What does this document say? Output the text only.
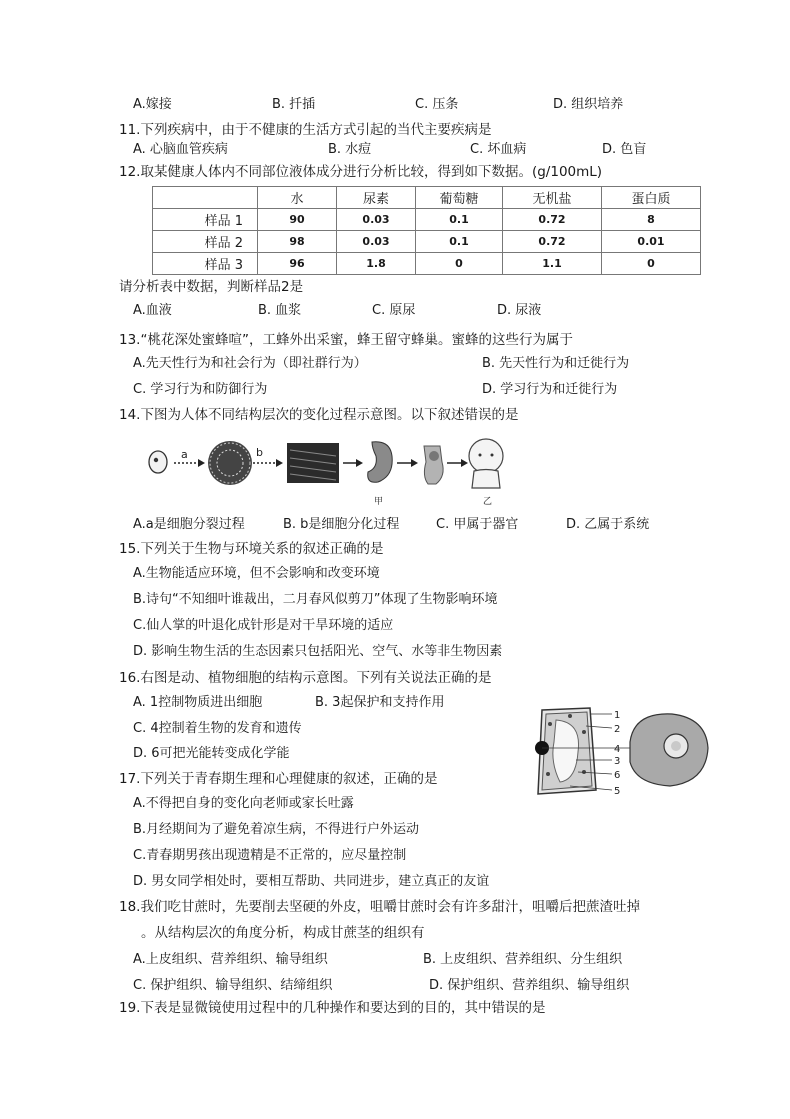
A.嫁接	B. 扦插	C. 压条	D. 组织培养
11.下列疾病中，由于不健康的生活方式引起的当代主要疾病是
A. 心脑血管疾病	B. 水痘	C. 坏血病	D. 色盲
12.取某健康人体内不同部位液体成分进行分析比较，得到如下数据。(g/100mL)
	水	尿素	葡萄糖	无机盐	蛋白质
样品 1	90	0.03	0.1	0.72	8
样品 2	98	0.03	0.1	0.72	0.01
样品 3	96	1.8	0	1.1	0
请分析表中数据，判断样品2是
A.血液	B. 血浆	C. 原尿	D. 尿液
13.“桃花深处蜜蜂喧”，工蜂外出采蜜，蜂王留守蜂巢。蜜蜂的这些行为属于
A.先天性行为和社会行为（即社群行为）	B. 先天性行为和迁徙行为
C. 学习行为和防御行为	D. 学习行为和迁徙行为
14.下图为人体不同结构层次的变化过程示意图。以下叙述错误的是
a	b
甲	乙
A.a是细胞分裂过程	B. b是细胞分化过程	C. 甲属于器官	D. 乙属于系统
15.下列关于生物与环境关系的叙述正确的是
A.生物能适应环境，但不会影响和改变环境
B.诗句“不知细叶谁裁出，二月春风似剪刀”体现了生物影响环境
C.仙人掌的叶退化成针形是对干旱环境的适应
D. 影响生物生活的生态因素只包括阳光、空气、水等非生物因素
16.右图是动、植物细胞的结构示意图。下列有关说法正确的是
A. 1控制物质进出细胞	B. 3起保护和支持作用
C. 4控制着生物的发育和遗传
D. 6可把光能转变成化学能
1
2
4
3
6
5
17.下列关于青春期生理和心理健康的叙述，正确的是
A.不得把自身的变化向老师或家长吐露
B.月经期间为了避免着凉生病，不得进行户外运动
C.青春期男孩出现遗精是不正常的，应尽量控制
D. 男女同学相处时，要相互帮助、共同进步，建立真正的友谊
18.我们吃甘蔗时，先要削去坚硬的外皮，咀嚼甘蔗时会有许多甜汁，咀嚼后把蔗渣吐掉
。从结构层次的角度分析，构成甘蔗茎的组织有
A.上皮组织、营养组织、输导组织	B. 上皮组织、营养组织、分生组织
C. 保护组织、输导组织、结缔组织	D. 保护组织、营养组织、输导组织
19.下表是显微镜使用过程中的几种操作和要达到的目的，其中错误的是
